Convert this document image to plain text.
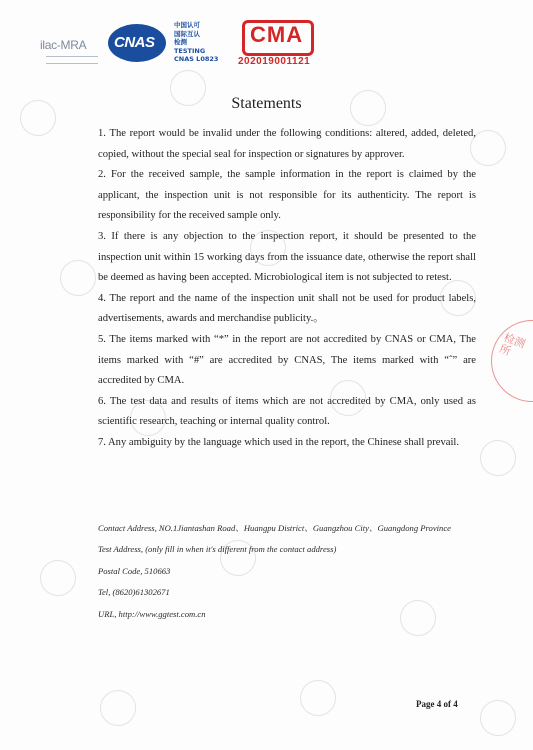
ilac-MRA CNAS
中国认可
国际互认
检测
TESTING
CNAS L0823
CMA
202019001121
Statements

1. The report would be invalid under the following conditions: altered, added, deleted, copied, without the special seal for inspection or signatures by approver.

2. For the received sample, the sample information in the report is claimed by the applicant, the inspection unit is not responsible for its authenticity. The report is responsibility for the received sample only.

3. If there is any objection to the inspection report, it should be presented to the inspection unit within 15 working days from the issuance date, otherwise the report shall be deemed as having been accepted. Microbiological item is not subjected to retest.

4. The report and the name of the inspection unit shall not be used for product labels, advertisements, awards and merchandise publicity.。

5. The items marked with “*” in the report are not accredited by CNAS or CMA, The items marked with “#” are accredited by CNAS, The items marked with “ˆ” are accredited by CMA.

6. The test data and results of items which are not accredited by CMA, only used as scientific research, teaching or internal quality control.

7. Any ambiguity by the language which used in the report, the Chinese shall prevail.

Contact Address, NO.1Jiantashan Road、Huangpu District、Guangzhou City、Guangdong Province
Test Address, (only fill in when it's different from the contact address)
Postal Code, 510663
Tel, (8620)61302671
URL, http://www.ggtest.com.cn
检测所
Page 4 of 4
